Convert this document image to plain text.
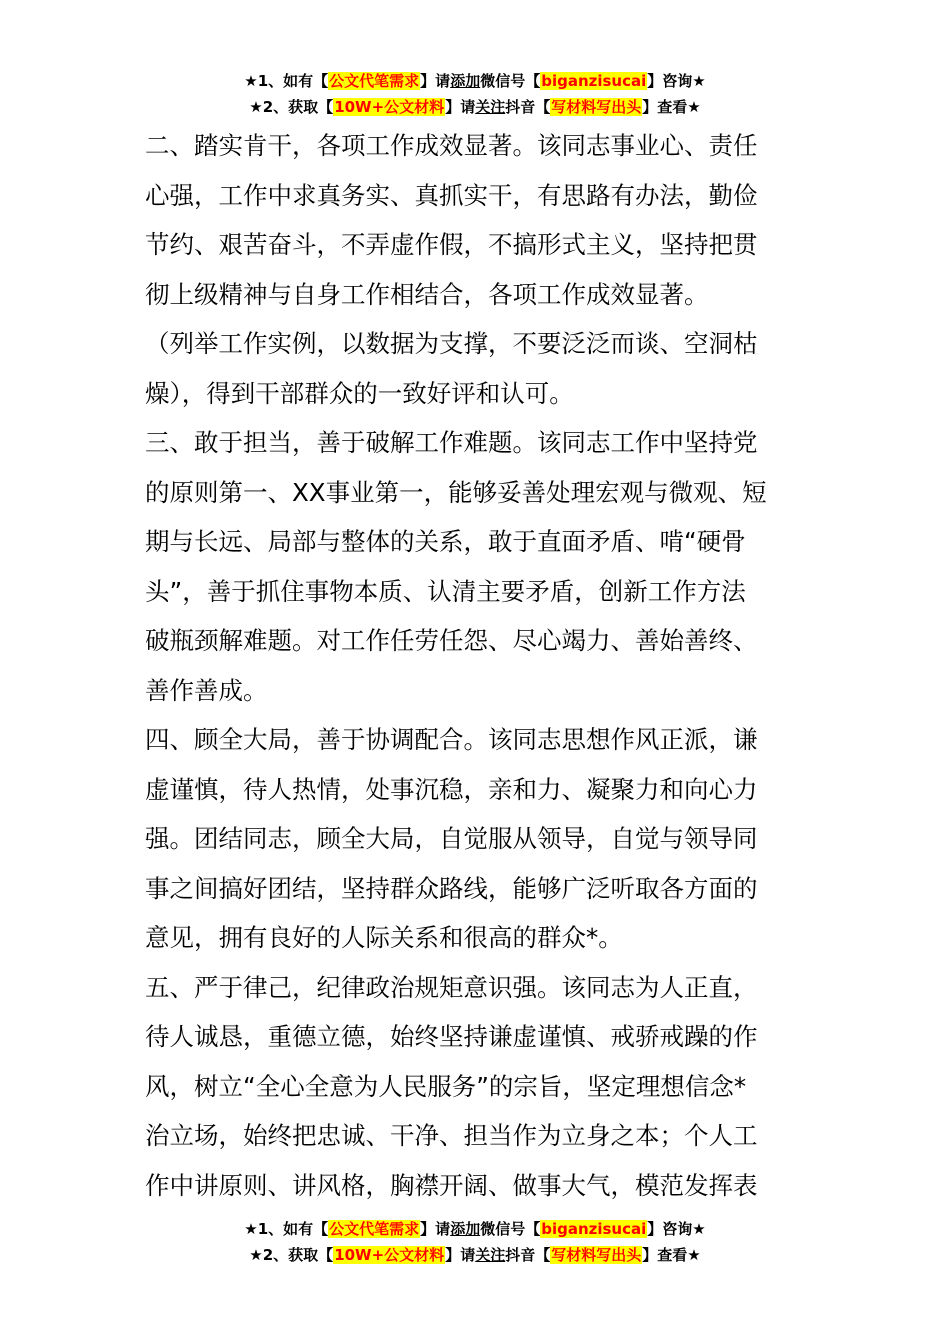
★1、如有【公文代笔需求】请添加微信号【biganzisucai】咨询★
★2、获取【10W+公文材料】请关注抖音【写材料写出头】查看★
二、踏实肯干，各项工作成效显著。该同志事业心、责任
心强，工作中求真务实、真抓实干，有思路有办法，勤俭
节约、艰苦奋斗，不弄虚作假，不搞形式主义，坚持把贯
彻上级精神与自身工作相结合，各项工作成效显著。
（列举工作实例，以数据为支撑，不要泛泛而谈、空洞枯
燥），得到干部群众的一致好评和认可。
三、敢于担当，善于破解工作难题。该同志工作中坚持党
的原则第一、XX事业第一，能够妥善处理宏观与微观、短
期与长远、局部与整体的关系，敢于直面矛盾、啃“硬骨
头”，善于抓住事物本质、认清主要矛盾，创新工作方法
破瓶颈解难题。对工作任劳任怨、尽心竭力、善始善终、
善作善成。
四、顾全大局，善于协调配合。该同志思想作风正派，谦
虚谨慎，待人热情，处事沉稳，亲和力、凝聚力和向心力
强。团结同志，顾全大局，自觉服从领导，自觉与领导同
事之间搞好团结，坚持群众路线，能够广泛听取各方面的
意见，拥有良好的人际关系和很高的群众*。
五、严于律己，纪律政治规矩意识强。该同志为人正直，
待人诚恳，重德立德，始终坚持谦虚谨慎、戒骄戒躁的作
风，树立“全心全意为人民服务”的宗旨，坚定理想信念*
治立场，始终把忠诚、干净、担当作为立身之本；个人工
作中讲原则、讲风格，胸襟开阔、做事大气，模范发挥表
★1、如有【公文代笔需求】请添加微信号【biganzisucai】咨询★
★2、获取【10W+公文材料】请关注抖音【写材料写出头】查看★
